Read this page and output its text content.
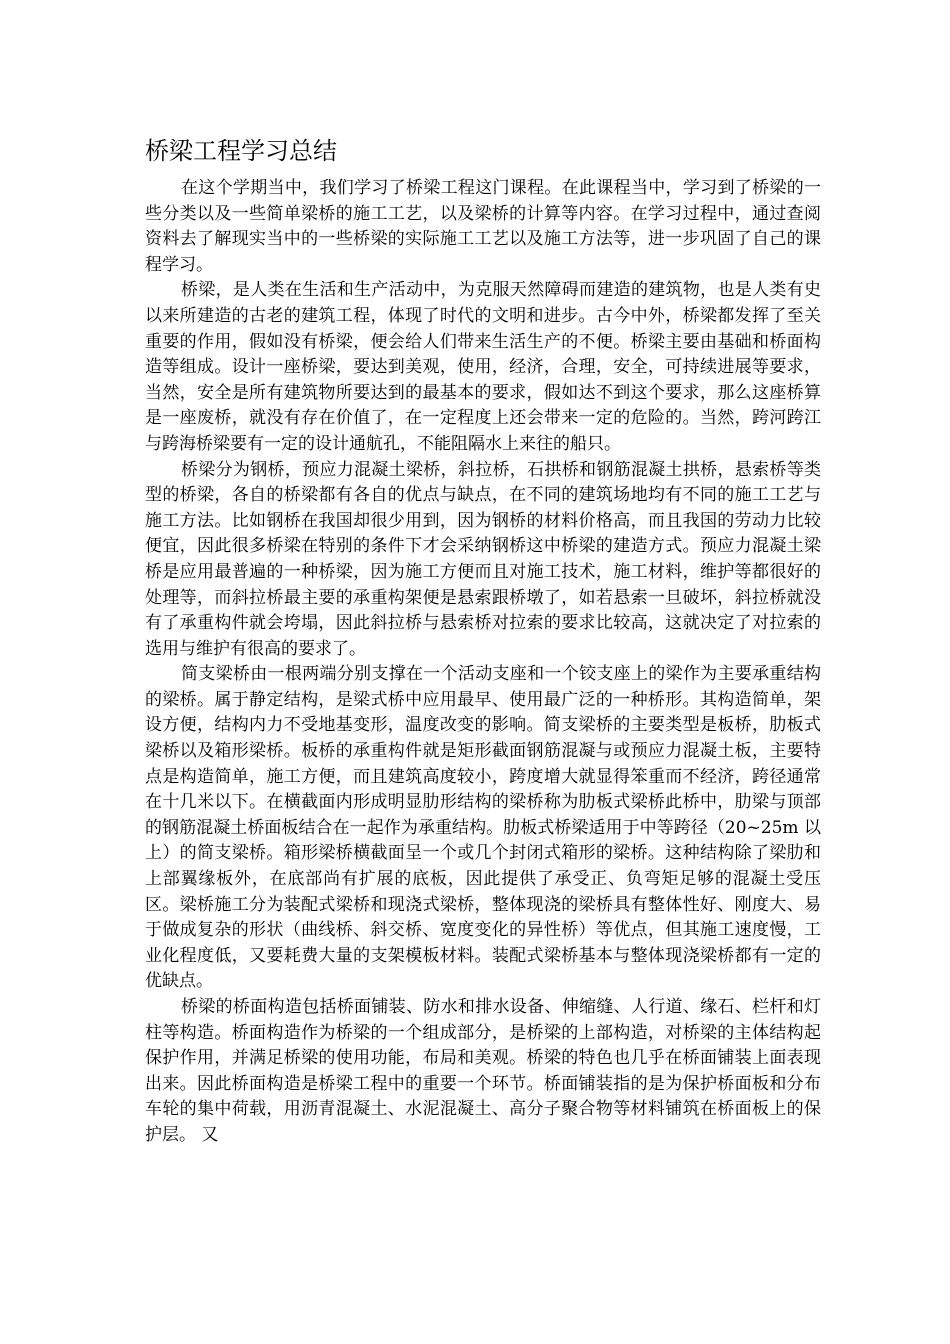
桥梁工程学习总结

在这个学期当中，我们学习了桥梁工程这门课程。在此课程当中，学习到了桥梁的一些分类以及一些简单梁桥的施工工艺，以及梁桥的计算等内容。在学习过程中，通过查阅资料去了解现实当中的一些桥梁的实际施工工艺以及施工方法等，进一步巩固了自己的课程学习。

桥梁，是人类在生活和生产活动中，为克服天然障碍而建造的建筑物，也是人类有史以来所建造的古老的建筑工程，体现了时代的文明和进步。古今中外，桥梁都发挥了至关重要的作用，假如没有桥梁，便会给人们带来生活生产的不便。桥梁主要由基础和桥面构造等组成。设计一座桥梁，要达到美观，使用，经济，合理，安全，可持续进展等要求，当然，安全是所有建筑物所要达到的最基本的要求，假如达不到这个要求，那么这座桥算是一座废桥，就没有存在价值了，在一定程度上还会带来一定的危险的。当然，跨河跨江与跨海桥梁要有一定的设计通航孔，不能阻隔水上来往的船只。

桥梁分为钢桥，预应力混凝土梁桥，斜拉桥，石拱桥和钢筋混凝土拱桥，悬索桥等类型的桥梁，各自的桥梁都有各自的优点与缺点，在不同的建筑场地均有不同的施工工艺与施工方法。比如钢桥在我国却很少用到，因为钢桥的材料价格高，而且我国的劳动力比较便宜，因此很多桥梁在特别的条件下才会采纳钢桥这中桥梁的建造方式。预应力混凝土梁桥是应用最普遍的一种桥梁，因为施工方便而且对施工技术，施工材料，维护等都很好的处理等，而斜拉桥最主要的承重构架便是悬索跟桥墩了，如若悬索一旦破坏，斜拉桥就没有了承重构件就会垮塌，因此斜拉桥与悬索桥对拉索的要求比较高，这就决定了对拉索的选用与维护有很高的要求了。

简支梁桥由一根两端分别支撑在一个活动支座和一个铰支座上的梁作为主要承重结构的梁桥。属于静定结构，是梁式桥中应用最早、使用最广泛的一种桥形。其构造简单，架设方便，结构内力不受地基变形，温度改变的影响。简支梁桥的主要类型是板桥，肋板式梁桥以及箱形梁桥。板桥的承重构件就是矩形截面钢筋混凝与或预应力混凝土板，主要特点是构造简单，施工方便，而且建筑高度较小，跨度增大就显得笨重而不经济，跨径通常在十几米以下。在横截面内形成明显肋形结构的梁桥称为肋板式梁桥此桥中，肋梁与顶部的钢筋混凝土桥面板结合在一起作为承重结构。肋板式桥梁适用于中等跨径（20~25m 以上）的简支梁桥。箱形梁桥横截面呈一个或几个封闭式箱形的梁桥。这种结构除了梁肋和上部翼缘板外，在底部尚有扩展的底板，因此提供了承受正、负弯矩足够的混凝土受压区。梁桥施工分为装配式梁桥和现浇式梁桥，整体现浇的梁桥具有整体性好、刚度大、易于做成复杂的形状（曲线桥、斜交桥、宽度变化的异性桥）等优点，但其施工速度慢，工业化程度低，又要耗费大量的支架模板材料。装配式梁桥基本与整体现浇梁桥都有一定的优缺点。

桥梁的桥面构造包括桥面铺装、防水和排水设备、伸缩缝、人行道、缘石、栏杆和灯柱等构造。桥面构造作为桥梁的一个组成部分，是桥梁的上部构造，对桥梁的主体结构起保护作用，并满足桥梁的使用功能，布局和美观。桥梁的特色也几乎在桥面铺装上面表现出来。因此桥面构造是桥梁工程中的重要一个环节。桥面铺装指的是为保护桥面板和分布车轮的集中荷载，用沥青混凝土、水泥混凝土、高分子聚合物等材料铺筑在桥面板上的保护层。 又
